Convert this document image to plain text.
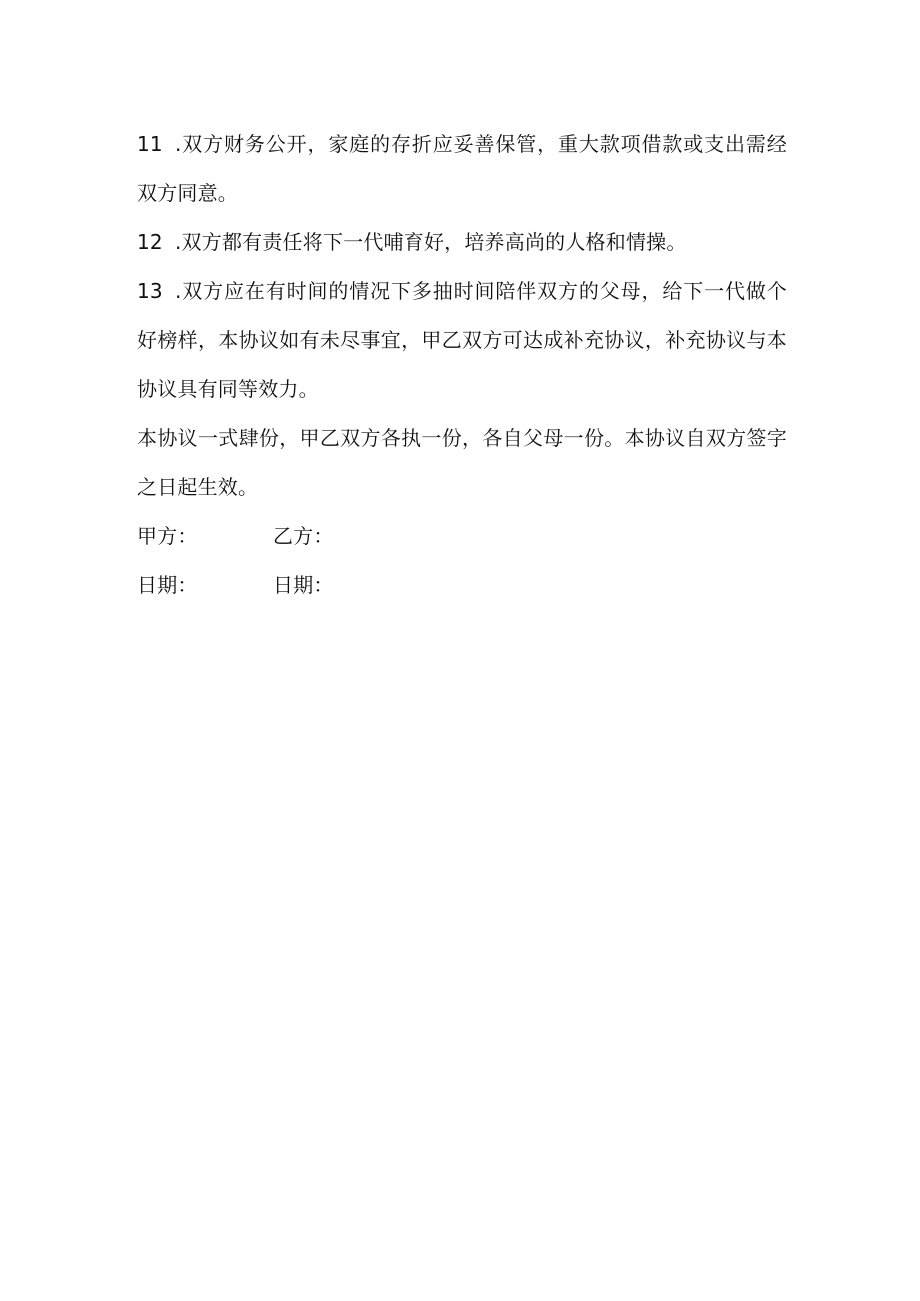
11 .双方财务公开，家庭的存折应妥善保管，重大款项借款或支出需经双方同意。

12 .双方都有责任将下一代哺育好，培养高尚的人格和情操。

13 .双方应在有时间的情况下多抽时间陪伴双方的父母，给下一代做个好榜样，本协议如有未尽事宜，甲乙双方可达成补充协议，补充协议与本协议具有同等效力。

本协议一式肆份，甲乙双方各执一份，各自父母一份。本协议自双方签字之日起生效。

甲方：	乙方：
日期：	日期：
